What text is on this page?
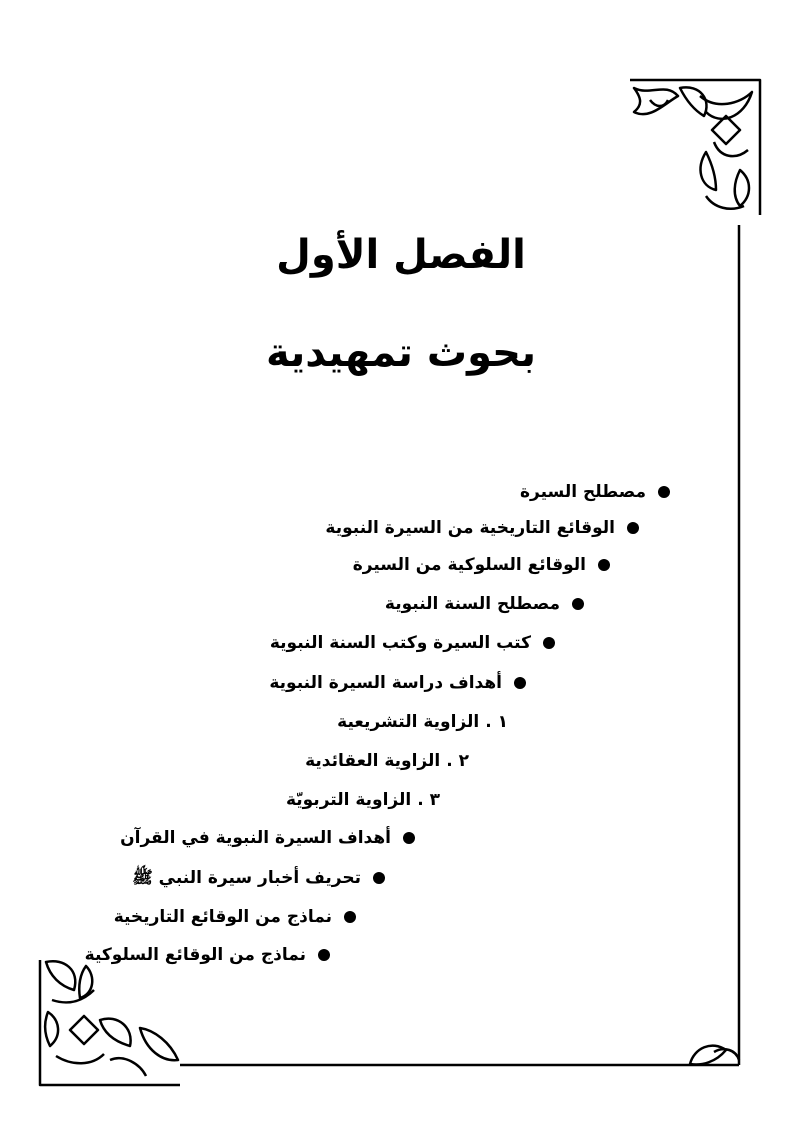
الفصل الأول
بحوث تمهيدية
مصطلح السيرة
الوقائع التاريخية من السيرة النبوية
الوقائع السلوكية من السيرة
مصطلح السنة النبوية
كتب السيرة وكتب السنة النبوية
أهداف دراسة السيرة النبوية
١ .الزاوية التشريعية
٢ .الزاوية العقائدية
٣ .الزاوية التربويّة
أهداف السيرة النبوية في القرآن
تحريف أخبار سيرة النبي ﷺ
نماذج من الوقائع التاريخية
نماذج من الوقائع السلوكية
